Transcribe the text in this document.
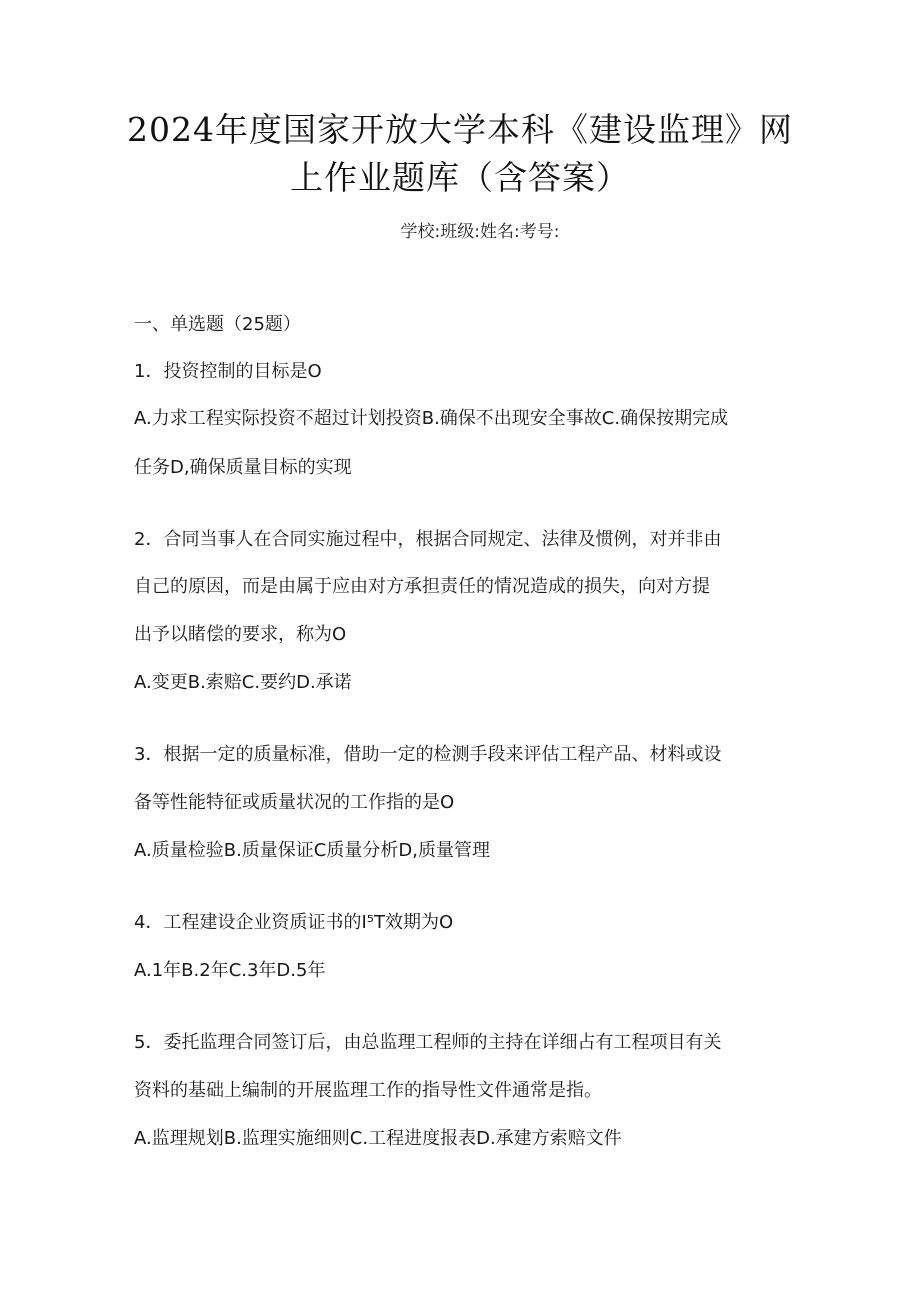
2024年度国家开放大学本科《建设监理》网
上作业题库（含答案）
学校:班级:姓名:考号:
一、单选题（25题）
1．投资控制的目标是O
A.力求工程实际投资不超过计划投资B.确保不出现安全事故C.确保按期完成
任务D,确保质量目标的实现
2．合同当事人在合同实施过程中，根据合同规定、法律及惯例，对并非由
自己的原因，而是由属于应由对方承担责任的情况造成的损失，向对方提
出予以睹偿的要求，称为O
A.变更B.索赔C.要约D.承诺
3．根据一定的质量标准，借助一定的检测手段来评估工程产品、材料或设
备等性能特征或质量状况的工作指的是O
A.质量检验B.质量保证C质量分析D,质量管理
4．工程建设企业资质证书的I⁵T效期为O
A.1年B.2年C.3年D.5年
5．委托监理合同签订后，由总监理工程师的主持在详细占有工程项目有关
资料的基础上编制的开展监理工作的指导性文件通常是指。
A.监理规划B.监理实施细则C.工程进度报表D.承建方索赔文件
